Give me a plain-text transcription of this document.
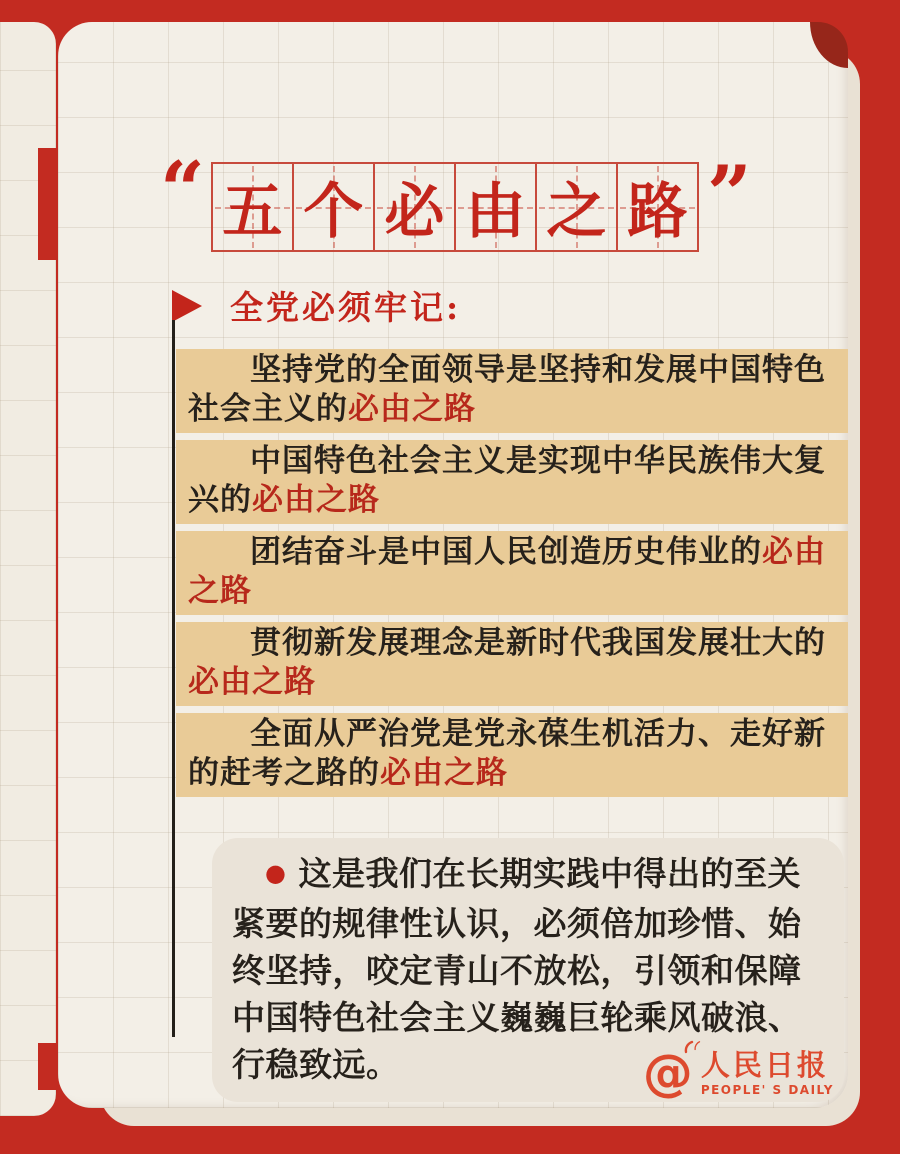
“ 五 个 必 由 之 路 ”
全党必须牢记:
坚持党的全面领导是坚持和发展中国特色社会主义的必由之路
中国特色社会主义是实现中华民族伟大复兴的必由之路
团结奋斗是中国人民创造历史伟业的必由之路
贯彻新发展理念是新时代我国发展壮大的必由之路
全面从严治党是党永葆生机活力、走好新的赶考之路的必由之路
● 这是我们在长期实践中得出的至关紧要的规律性认识，必须倍加珍惜、始终坚持，咬定青山不放松，引领和保障中国特色社会主义巍巍巨轮乘风破浪、行稳致远。	@ 人民日报
PEOPLE' S DAILY
